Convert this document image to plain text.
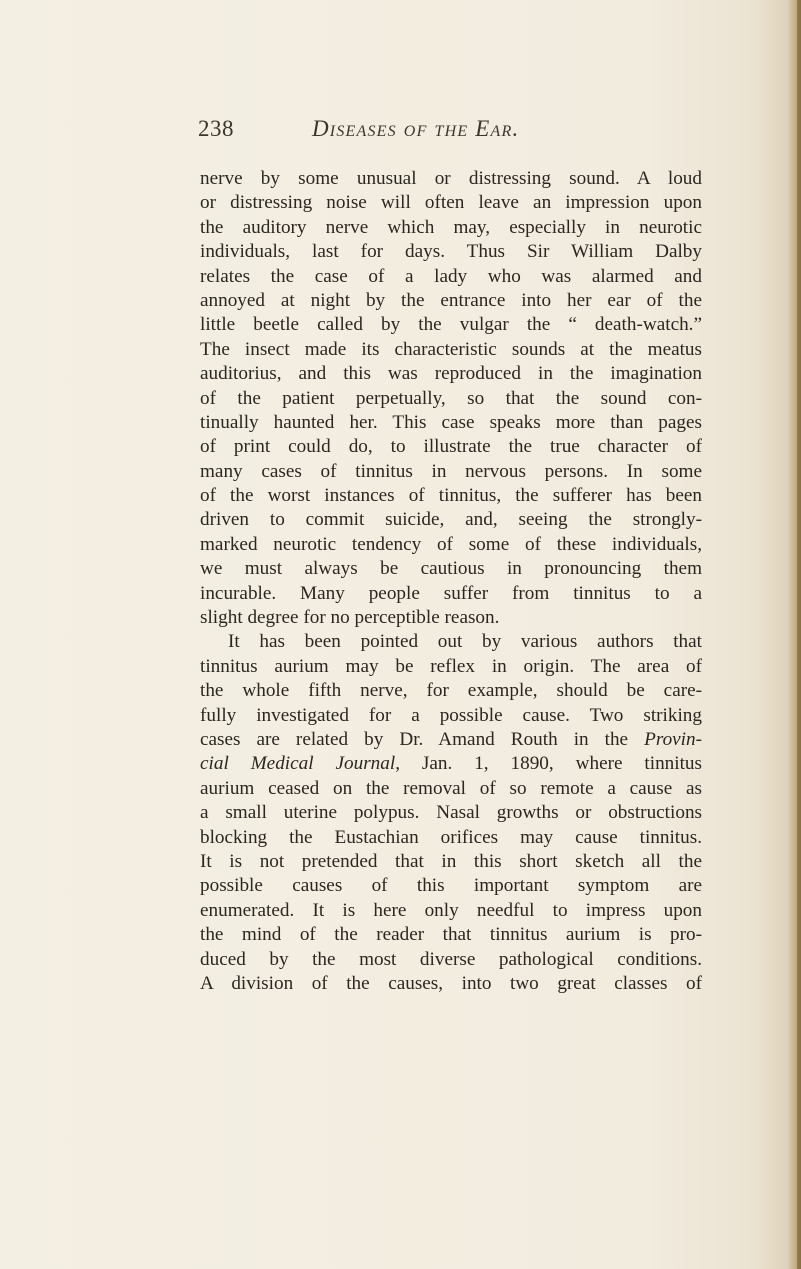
238	Diseases of the Ear.
nerve by some unusual or distressing sound. A loud
or distressing noise will often leave an impression upon
the auditory nerve which may, especially in neurotic
individuals, last for days. Thus Sir William Dalby
relates the case of a lady who was alarmed and
annoyed at night by the entrance into her ear of the
little beetle called by the vulgar the “ death-watch.”
The insect made its characteristic sounds at the meatus
auditorius, and this was reproduced in the imagination
of the patient perpetually, so that the sound con-
tinually haunted her. This case speaks more than pages
of print could do, to illustrate the true character of
many cases of tinnitus in nervous persons. In some
of the worst instances of tinnitus, the sufferer has been
driven to commit suicide, and, seeing the strongly-
marked neurotic tendency of some of these individuals,
we must always be cautious in pronouncing them
incurable. Many people suffer from tinnitus to a
slight degree for no perceptible reason.
It has been pointed out by various authors that
tinnitus aurium may be reflex in origin. The area of
the whole fifth nerve, for example, should be care-
fully investigated for a possible cause. Two striking
cases are related by Dr. Amand Routh in the Provin-
cial Medical Journal, Jan. 1, 1890, where tinnitus
aurium ceased on the removal of so remote a cause as
a small uterine polypus. Nasal growths or obstructions
blocking the Eustachian orifices may cause tinnitus.
It is not pretended that in this short sketch all the
possible causes of this important symptom are
enumerated. It is here only needful to impress upon
the mind of the reader that tinnitus aurium is pro-
duced by the most diverse pathological conditions.
A division of the causes, into two great classes of
